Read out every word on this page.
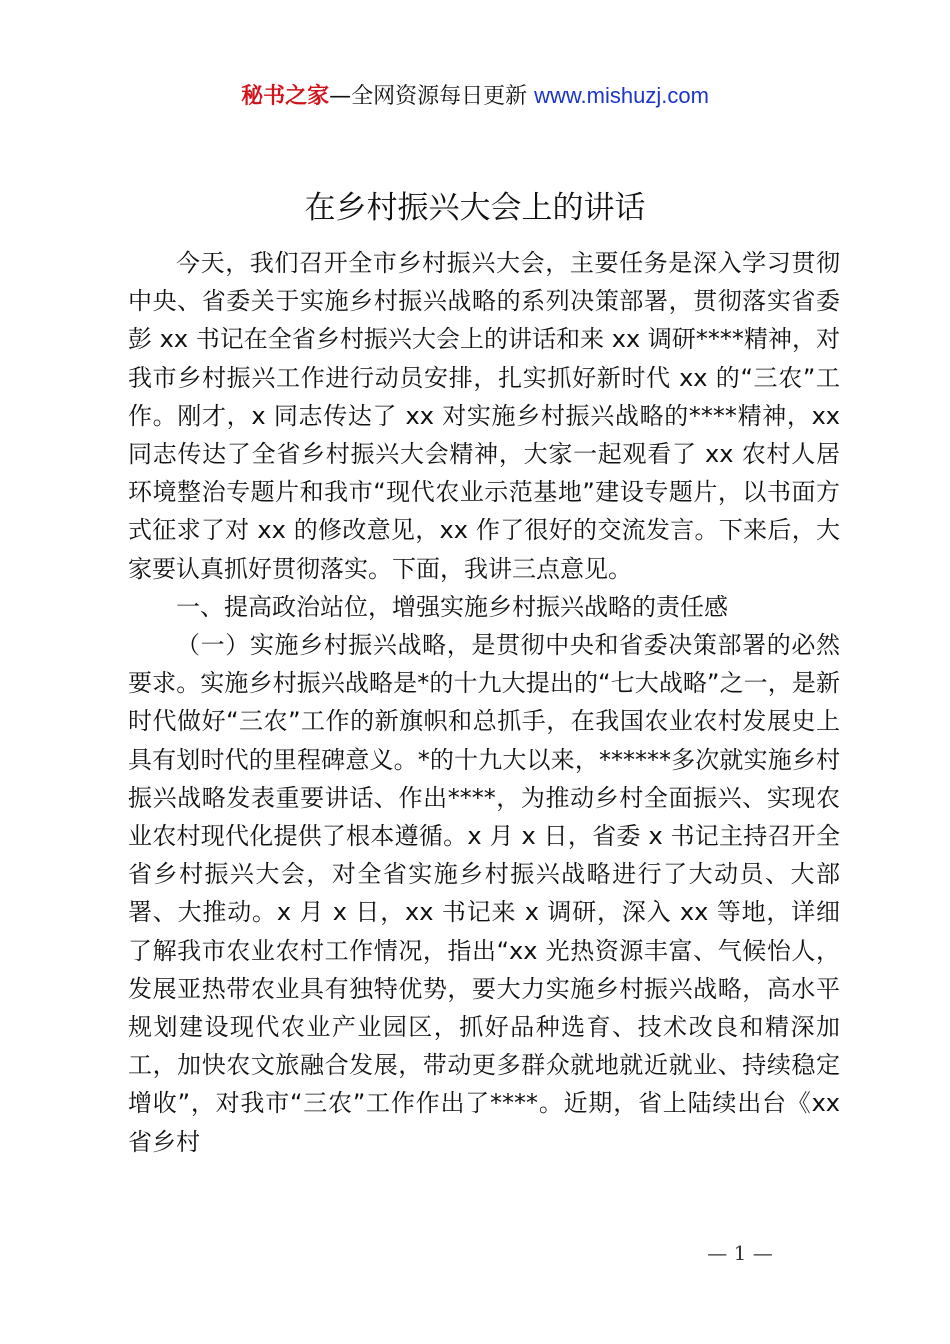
秘书之家—全网资源每日更新 www.mishuzj.com
在乡村振兴大会上的讲话

今天，我们召开全市乡村振兴大会，主要任务是深入学习贯彻中央、省委关于实施乡村振兴战略的系列决策部署，贯彻落实省委彭 xx 书记在全省乡村振兴大会上的讲话和来 xx 调研****精神，对我市乡村振兴工作进行动员安排，扎实抓好新时代 xx 的“三农”工作。刚才，x 同志传达了 xx 对实施乡村振兴战略的****精神，xx 同志传达了全省乡村振兴大会精神，大家一起观看了 xx 农村人居环境整治专题片和我市“现代农业示范基地”建设专题片，以书面方式征求了对 xx 的修改意见，xx 作了很好的交流发言。下来后，大家要认真抓好贯彻落实。下面，我讲三点意见。

一、提高政治站位，增强实施乡村振兴战略的责任感

（一）实施乡村振兴战略，是贯彻中央和省委决策部署的必然要求。实施乡村振兴战略是*的十九大提出的“七大战略”之一，是新时代做好“三农”工作的新旗帜和总抓手，在我国农业农村发展史上具有划时代的里程碑意义。*的十九大以来，******多次就实施乡村振兴战略发表重要讲话、作出****，为推动乡村全面振兴、实现农业农村现代化提供了根本遵循。x 月 x 日，省委 x 书记主持召开全省乡村振兴大会，对全省实施乡村振兴战略进行了大动员、大部署、大推动。x 月 x 日，xx 书记来 x 调研，深入 xx 等地，详细了解我市农业农村工作情况，指出“xx 光热资源丰富、气候怡人，发展亚热带农业具有独特优势，要大力实施乡村振兴战略，高水平规划建设现代农业产业园区，抓好品种选育、技术改良和精深加工，加快农文旅融合发展，带动更多群众就地就近就业、持续稳定增收”，对我市“三农”工作作出了****。近期，省上陆续出台《xx 省乡村

— 1 —
